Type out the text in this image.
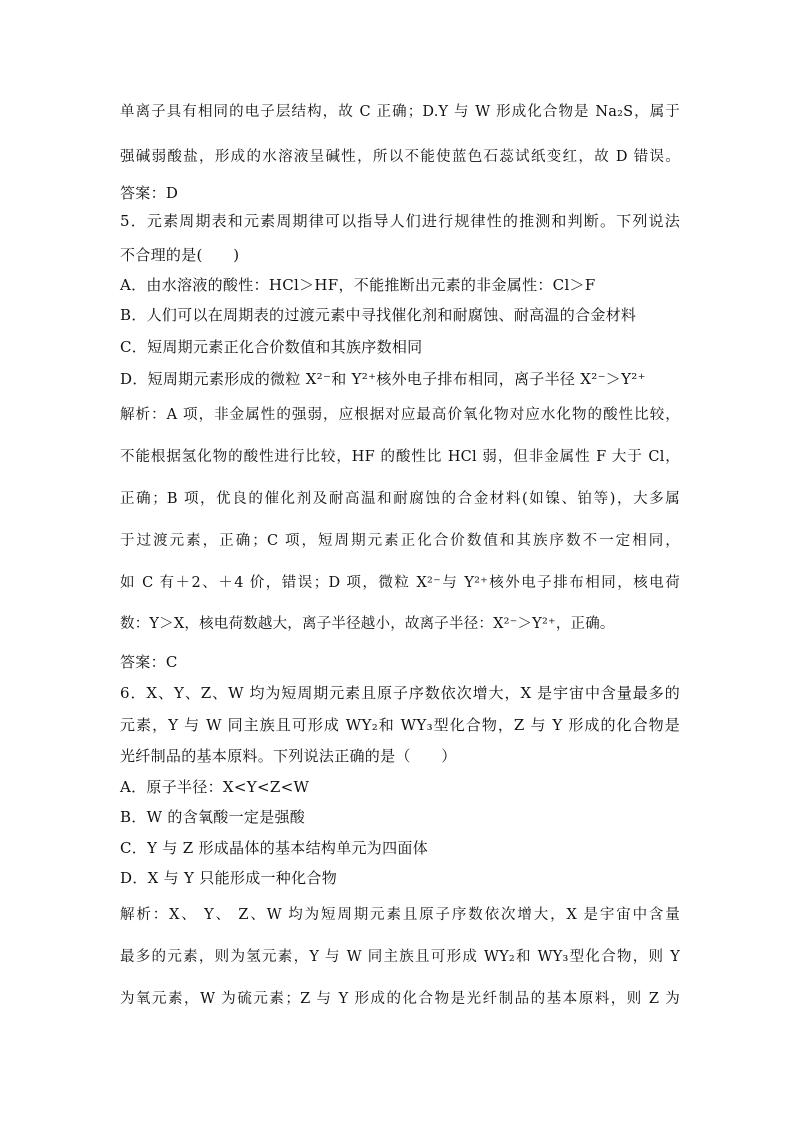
单离子具有相同的电子层结构，故 C 正确；D.Y 与 W 形成化合物是 Na₂S，属于
强碱弱酸盐，形成的水溶液呈碱性，所以不能使蓝色石蕊试纸变红，故 D 错误。
答案：D
5．元素周期表和元素周期律可以指导人们进行规律性的推测和判断。下列说法
不合理的是(　　)
A．由水溶液的酸性：HCl＞HF，不能推断出元素的非金属性：Cl＞F
B．人们可以在周期表的过渡元素中寻找催化剂和耐腐蚀、耐高温的合金材料
C．短周期元素正化合价数值和其族序数相同
D．短周期元素形成的微粒 X²⁻和 Y²⁺核外电子排布相同，离子半径 X²⁻＞Y²⁺
解析：A 项，非金属性的强弱，应根据对应最高价氧化物对应水化物的酸性比较，
不能根据氢化物的酸性进行比较，HF 的酸性比 HCl 弱，但非金属性 F 大于 Cl，
正确；B 项，优良的催化剂及耐高温和耐腐蚀的合金材料(如镍、铂等)，大多属
于过渡元素，正确；C 项，短周期元素正化合价数值和其族序数不一定相同，
如 C 有＋2、＋4 价，错误；D 项，微粒 X²⁻与 Y²⁺核外电子排布相同，核电荷
数：Y＞X，核电荷数越大，离子半径越小，故离子半径：X²⁻＞Y²⁺，正确。
答案：C
6．X、Y、Z、W 均为短周期元素且原子序数依次增大，X 是宇宙中含量最多的
元素，Y 与 W 同主族且可形成 WY₂和 WY₃型化合物，Z 与 Y 形成的化合物是
光纤制品的基本原料。下列说法正确的是（　　）
A．原子半径：X<Y<Z<W
B．W 的含氧酸一定是强酸
C．Y 与 Z 形成晶体的基本结构单元为四面体
D．X 与 Y 只能形成一种化合物
解析：X、 Y、 Z、W 均为短周期元素且原子序数依次增大，X 是宇宙中含量
最多的元素，则为氢元素，Y 与 W 同主族且可形成 WY₂和 WY₃型化合物，则 Y
为氧元素，W 为硫元素；Z 与 Y 形成的化合物是光纤制品的基本原料，则 Z 为
